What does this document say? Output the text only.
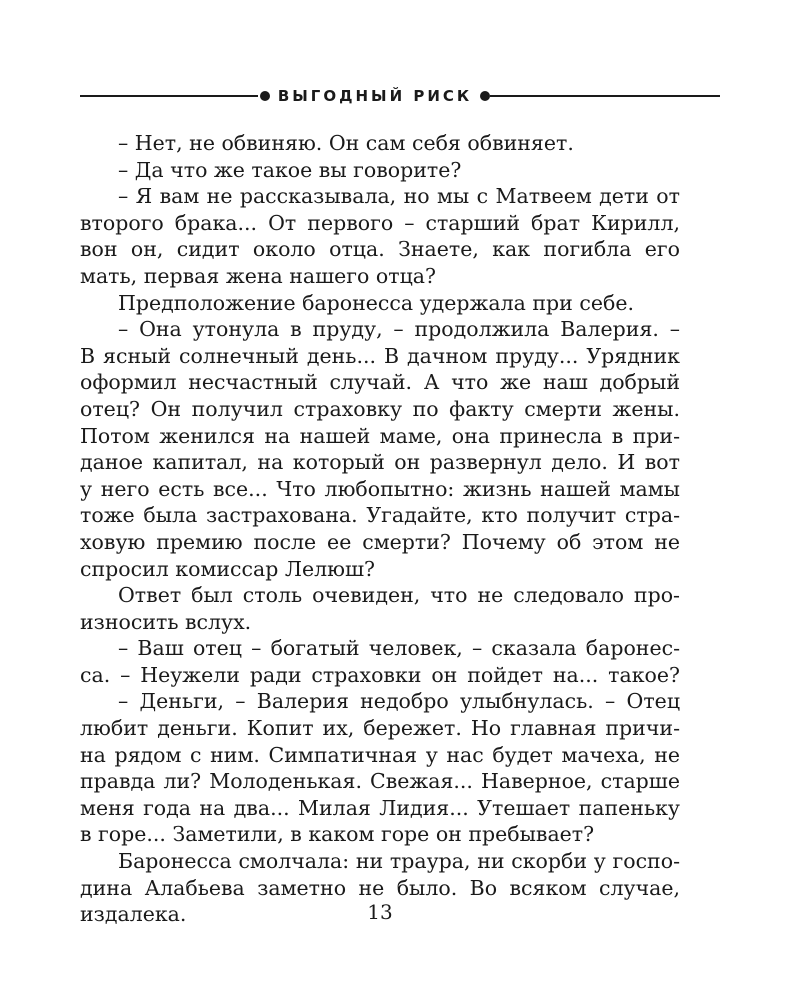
ВЫГОДНЫЙ РИСК
– Нет, не обвиняю. Он сам себя обвиняет.
– Да что же такое вы говорите?
– Я вам не рассказывала, но мы с Матвеем дети от
второго брака... От первого – старший брат Кирилл,
вон он, сидит около отца. Знаете, как погибла его
мать, первая жена нашего отца?
Предположение баронесса удержала при себе.
– Она утонула в пруду, – продолжила Валерия. –
В ясный солнечный день... В дачном пруду... Урядник
оформил несчастный случай. А что же наш добрый
отец? Он получил страховку по факту смерти жены.
Потом женился на нашей маме, она принесла в при-
даное капитал, на который он развернул дело. И вот
у него есть все... Что любопытно: жизнь нашей мамы
тоже была застрахована. Угадайте, кто получит стра-
ховую премию после ее смерти? Почему об этом не
спросил комиссар Лелюш?
Ответ был столь очевиден, что не следовало про-
износить вслух.
– Ваш отец – богатый человек, – сказала баронес-
са. – Неужели ради страховки он пойдет на... такое?
– Деньги, – Валерия недобро улыбнулась. – Отец
любит деньги. Копит их, бережет. Но главная причи-
на рядом с ним. Симпатичная у нас будет мачеха, не
правда ли? Молоденькая. Свежая... Наверное, старше
меня года на два... Милая Лидия... Утешает папеньку
в горе... Заметили, в каком горе он пребывает?
Баронесса смолчала: ни траура, ни скорби у госпо-
дина Алабьева заметно не было. Во всяком случае,
издалека.	13
